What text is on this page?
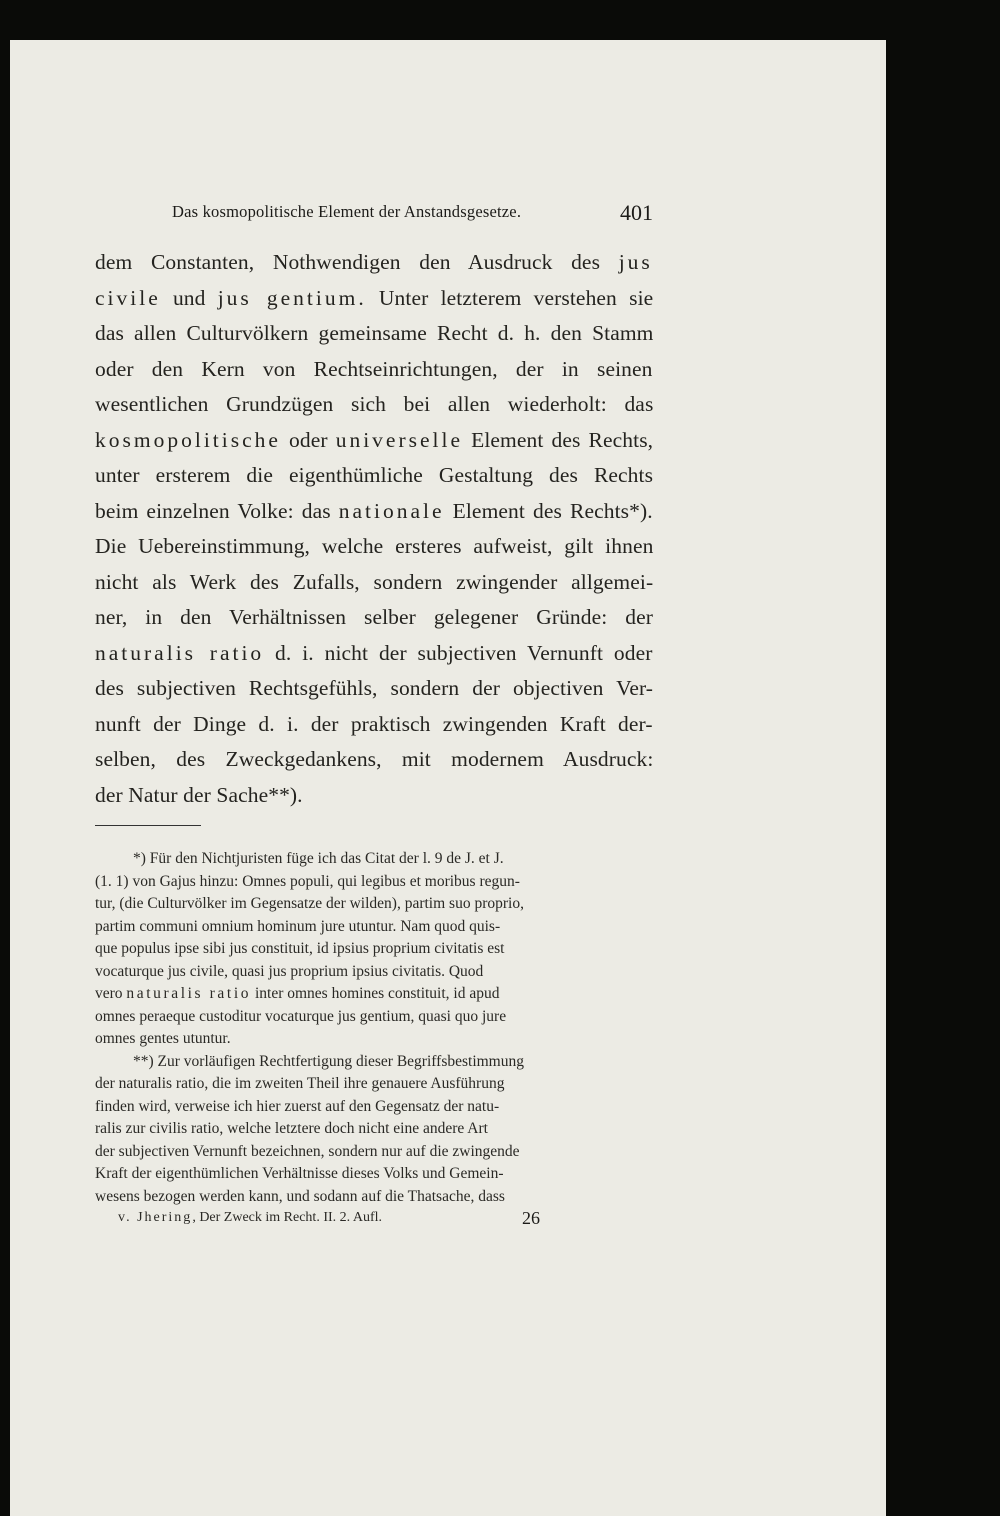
Das kosmopolitische Element der Anstandsgesetze.	401
dem Constanten, Nothwendigen den Ausdruck des jus
civile und jus gentium. Unter letzterem verstehen sie
das allen Culturvölkern gemeinsame Recht d. h. den Stamm
oder den Kern von Rechtseinrichtungen, der in seinen
wesentlichen Grundzügen sich bei allen wiederholt: das
kosmopolitische oder universelle Element des Rechts,
unter ersterem die eigenthümliche Gestaltung des Rechts
beim einzelnen Volke: das nationale Element des Rechts*).
Die Uebereinstimmung, welche ersteres aufweist, gilt ihnen
nicht als Werk des Zufalls, sondern zwingender allgemei-
ner, in den Verhältnissen selber gelegener Gründe: der
naturalis ratio d. i. nicht der subjectiven Vernunft oder
des subjectiven Rechtsgefühls, sondern der objectiven Ver-
nunft der Dinge d. i. der praktisch zwingenden Kraft der-
selben, des Zweckgedankens, mit modernem Ausdruck:
der Natur der Sache**).
*) Für den Nichtjuristen füge ich das Citat der l. 9 de J. et J.
(1. 1) von Gajus hinzu: Omnes populi, qui legibus et moribus regun-
tur, (die Culturvölker im Gegensatze der wilden), partim suo proprio,
partim communi omnium hominum jure utuntur. Nam quod quis-
que populus ipse sibi jus constituit, id ipsius proprium civitatis est
vocaturque jus civile, quasi jus proprium ipsius civitatis. Quod
vero naturalis ratio inter omnes homines constituit, id apud
omnes peraeque custoditur vocaturque jus gentium, quasi quo jure
omnes gentes utuntur.
**) Zur vorläufigen Rechtfertigung dieser Begriffsbestimmung
der naturalis ratio, die im zweiten Theil ihre genauere Ausführung
finden wird, verweise ich hier zuerst auf den Gegensatz der natu-
ralis zur civilis ratio, welche letztere doch nicht eine andere Art
der subjectiven Vernunft bezeichnen, sondern nur auf die zwingende
Kraft der eigenthümlichen Verhältnisse dieses Volks und Gemein-
wesens bezogen werden kann, und sodann auf die Thatsache, dass
v. Jhering, Der Zweck im Recht. II. 2. Aufl.	26
